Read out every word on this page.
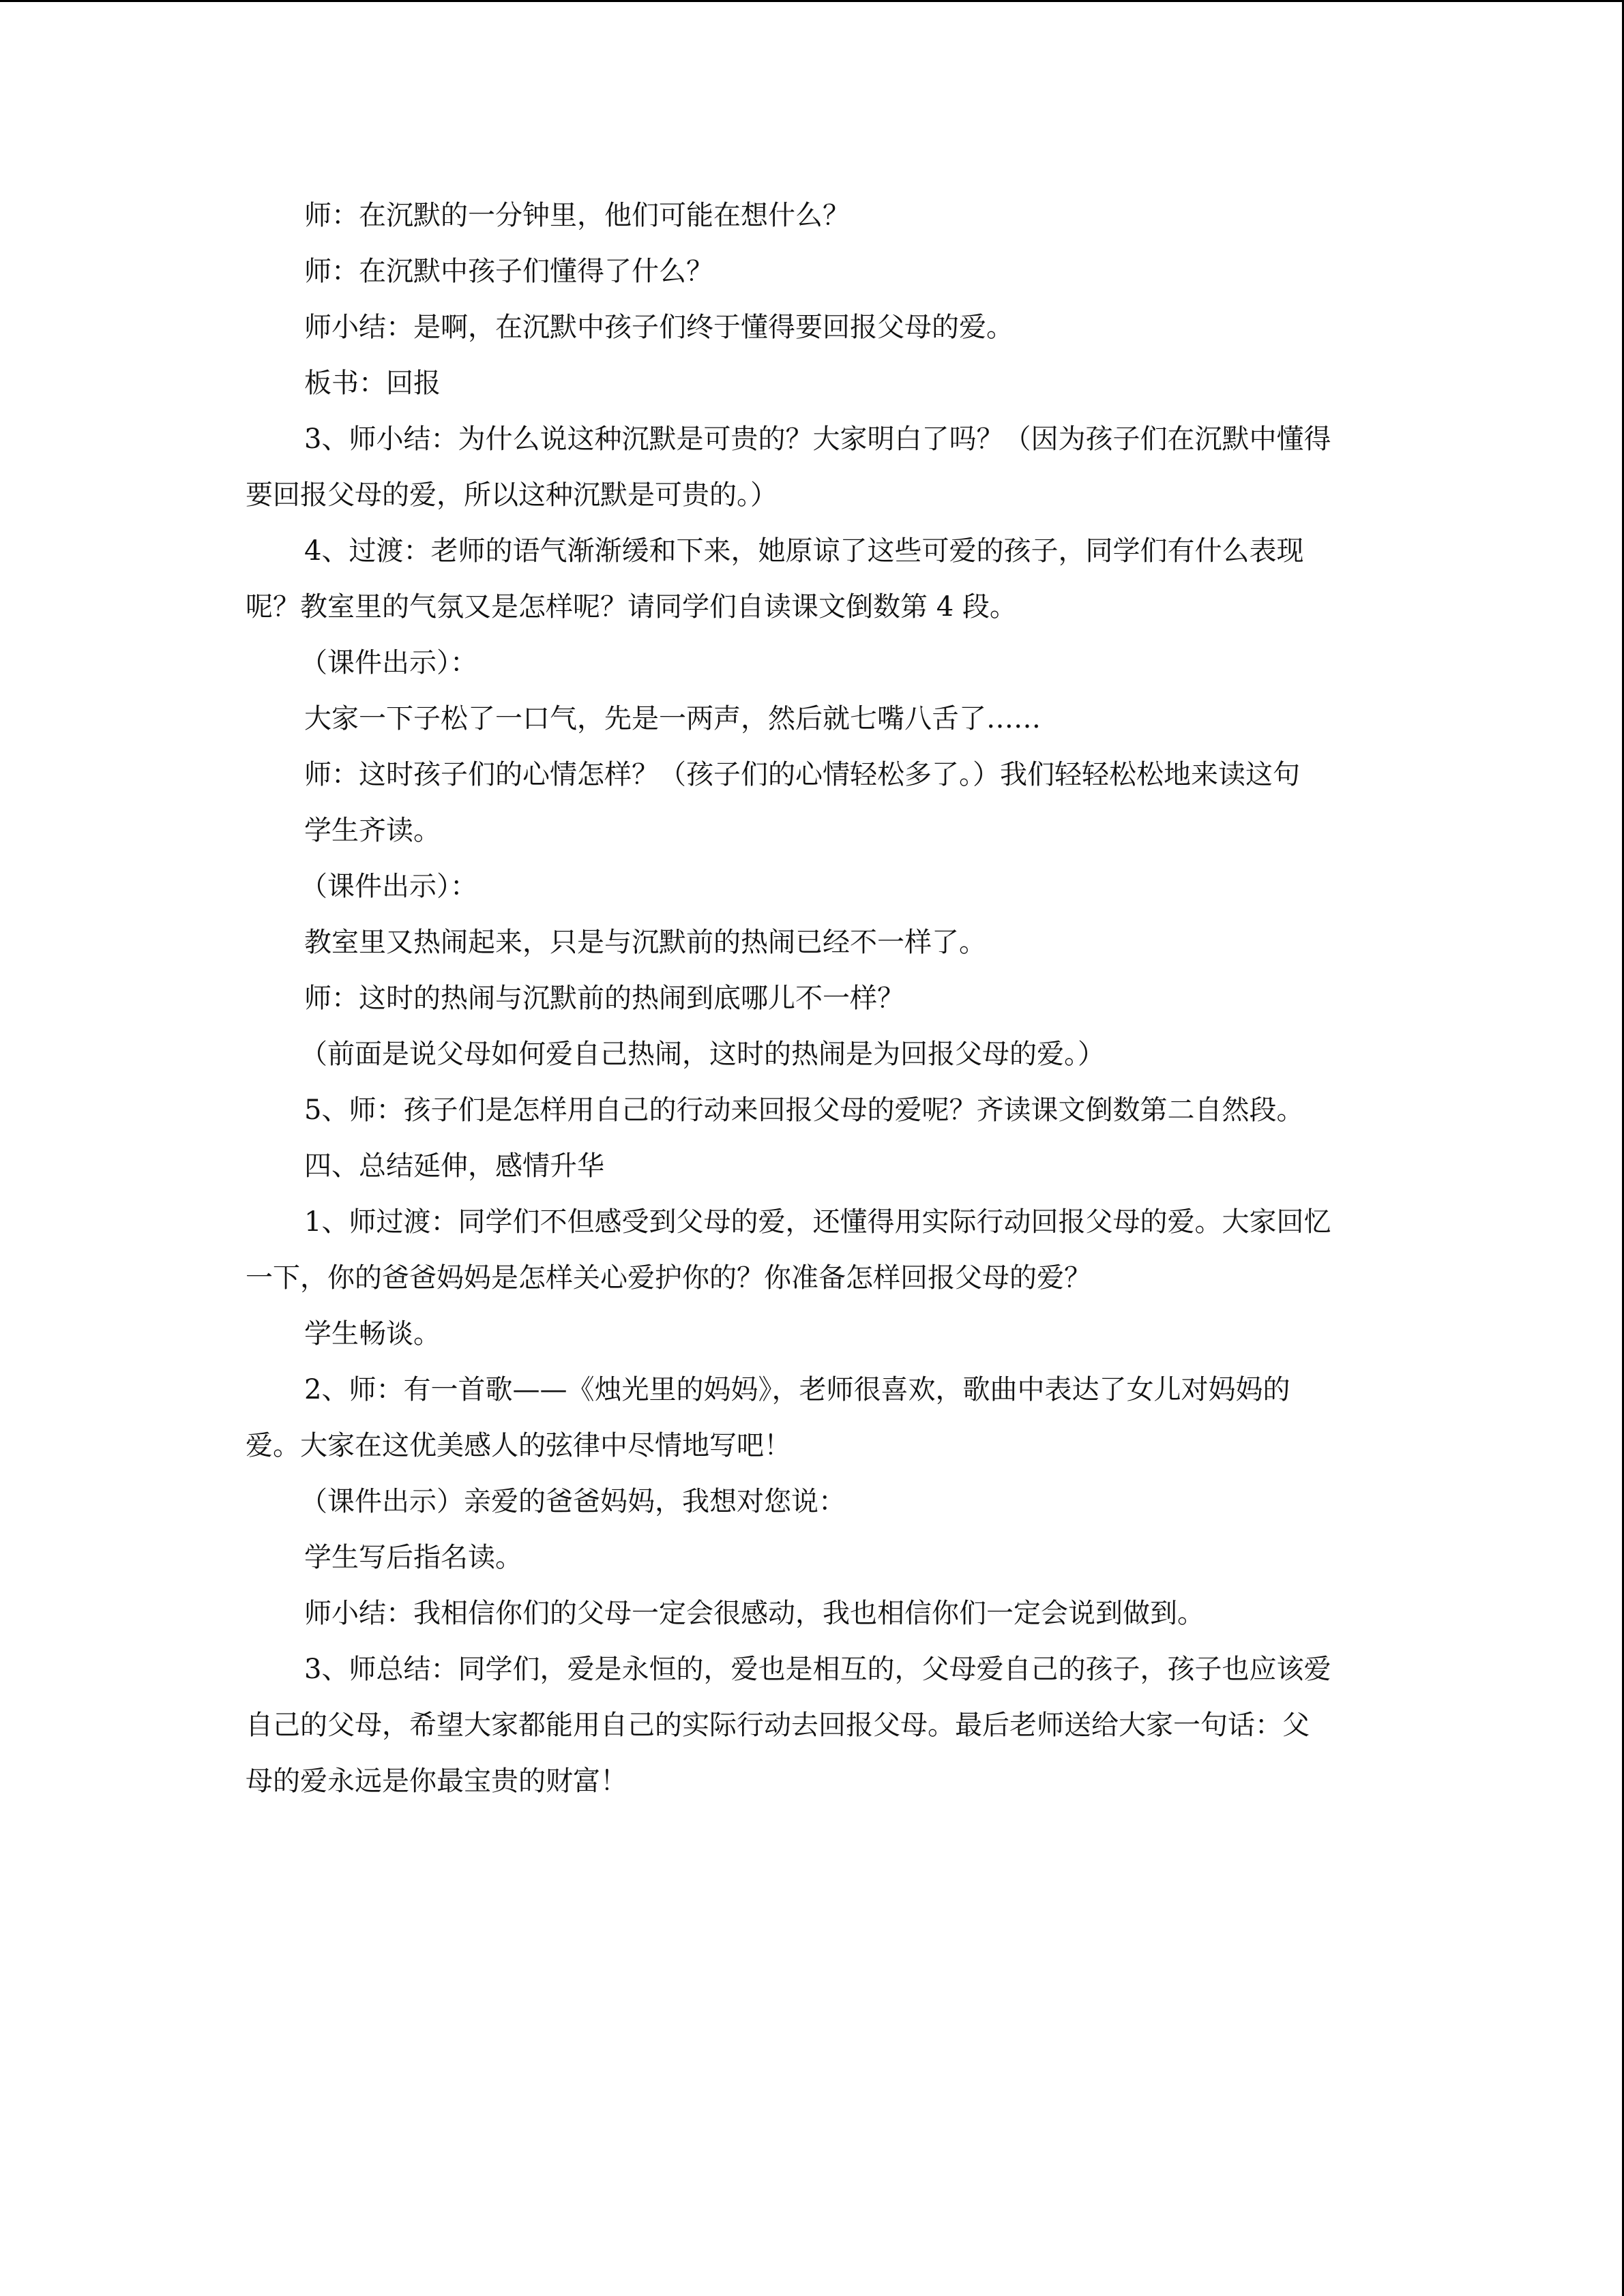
师：在沉默的一分钟里，他们可能在想什么？
师：在沉默中孩子们懂得了什么？
师小结：是啊，在沉默中孩子们终于懂得要回报父母的爱。
板书：回报
3、师小结：为什么说这种沉默是可贵的？大家明白了吗？（因为孩子们在沉默中懂得
要回报父母的爱，所以这种沉默是可贵的。）
4、过渡：老师的语气渐渐缓和下来，她原谅了这些可爱的孩子，同学们有什么表现
呢？教室里的气氛又是怎样呢？请同学们自读课文倒数第 4 段。
（课件出示）：
大家一下子松了一口气，先是一两声，然后就七嘴八舌了……
师：这时孩子们的心情怎样？（孩子们的心情轻松多了。）我们轻轻松松地来读这句
学生齐读。
（课件出示）：
教室里又热闹起来，只是与沉默前的热闹已经不一样了。
师：这时的热闹与沉默前的热闹到底哪儿不一样？
（前面是说父母如何爱自己热闹，这时的热闹是为回报父母的爱。）
5、师：孩子们是怎样用自己的行动来回报父母的爱呢？齐读课文倒数第二自然段。
四、总结延伸，感情升华
1、师过渡：同学们不但感受到父母的爱，还懂得用实际行动回报父母的爱。大家回忆
一下，你的爸爸妈妈是怎样关心爱护你的？你准备怎样回报父母的爱？
学生畅谈。
2、师：有一首歌——《烛光里的妈妈》，老师很喜欢，歌曲中表达了女儿对妈妈的
爱。大家在这优美感人的弦律中尽情地写吧！
（课件出示）亲爱的爸爸妈妈，我想对您说：
学生写后指名读。
师小结：我相信你们的父母一定会很感动，我也相信你们一定会说到做到。
3、师总结：同学们，爱是永恒的，爱也是相互的，父母爱自己的孩子，孩子也应该爱
自己的父母，希望大家都能用自己的实际行动去回报父母。最后老师送给大家一句话：父
母的爱永远是你最宝贵的财富！
